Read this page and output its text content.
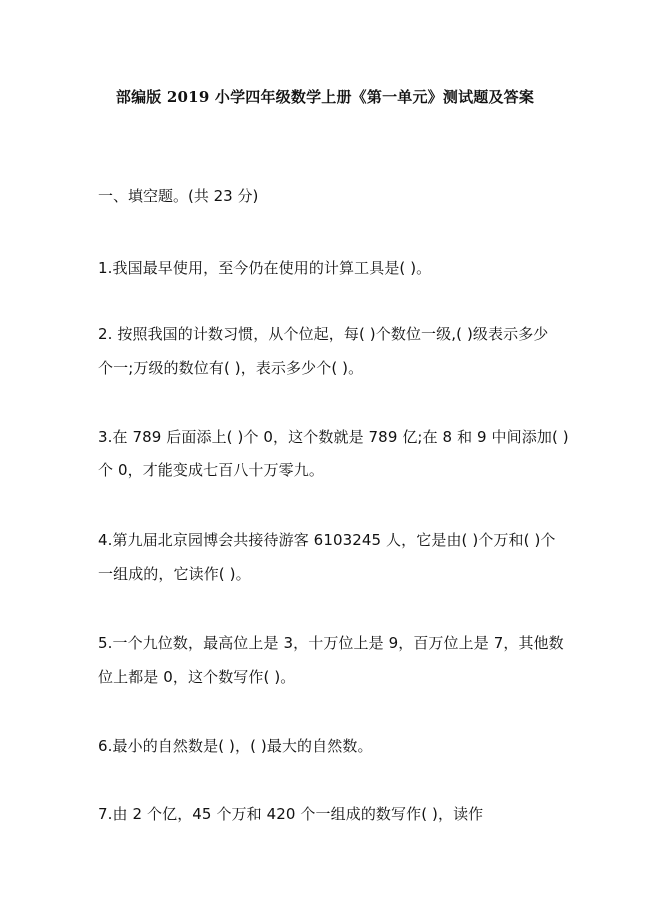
部编版 2019 小学四年级数学上册《第一单元》测试题及答案
一、填空题。(共 23 分)
1.我国最早使用，至今仍在使用的计算工具是( )。
2. 按照我国的计数习惯，从个位起，每( )个数位一级,( )级表示多少
个一;万级的数位有( )，表示多少个( )。
3.在 789 后面添上( )个 0，这个数就是 789 亿;在 8 和 9 中间添加( )
个 0，才能变成七百八十万零九。
4.第九届北京园博会共接待游客 6103245 人，它是由( )个万和( )个
一组成的，它读作( )。
5.一个九位数，最高位上是 3，十万位上是 9，百万位上是 7，其他数
位上都是 0，这个数写作( )。
6.最小的自然数是( )，( )最大的自然数。
7.由 2 个亿，45 个万和 420 个一组成的数写作( )，读作
